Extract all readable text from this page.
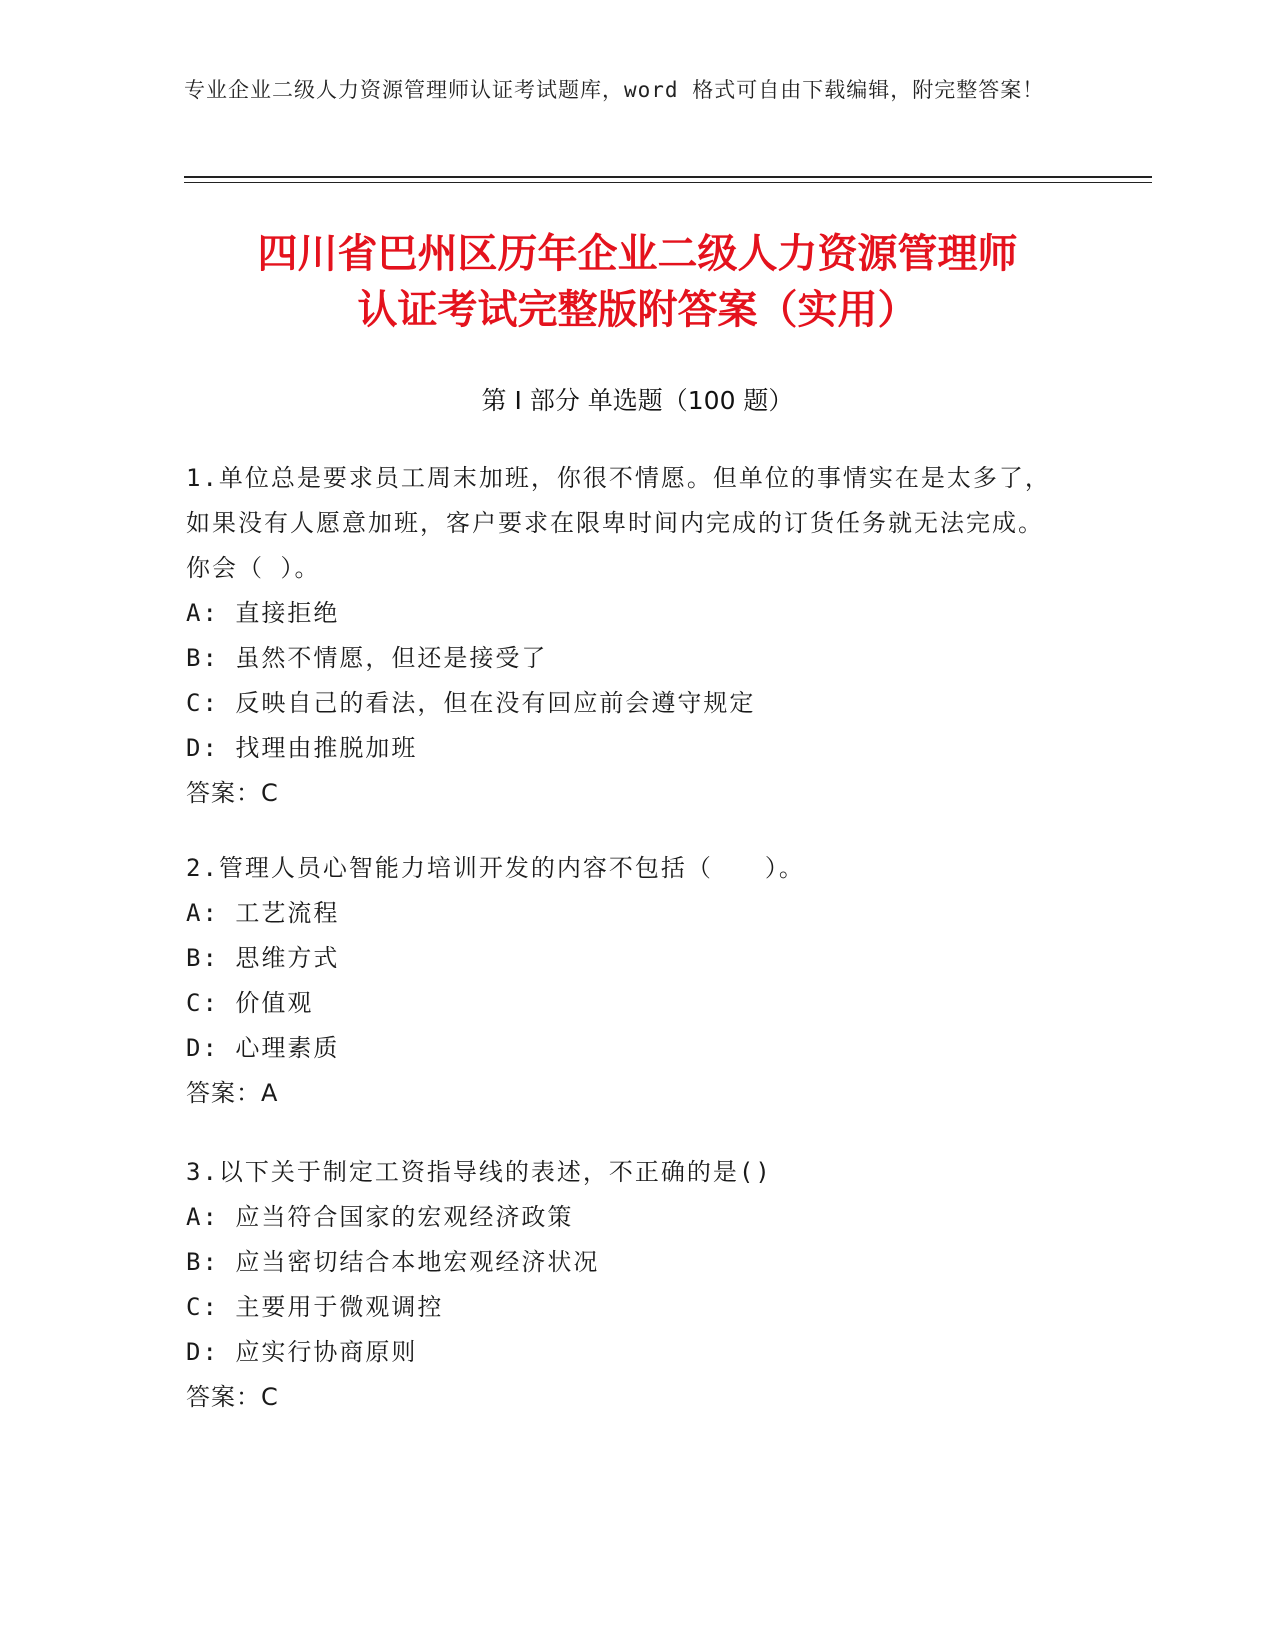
专业企业二级人力资源管理师认证考试题库，word 格式可自由下载编辑，附完整答案！
四川省巴州区历年企业二级人力资源管理师
认证考试完整版附答案（实用）
第 I 部分 单选题（100 题）
1.单位总是要求员工周末加班，你很不情愿。但单位的事情实在是太多了，如果没有人愿意加班，客户要求在限卑时间内完成的订货任务就无法完成。你会（ ）。
A: 直接拒绝
B: 虽然不情愿，但还是接受了
C: 反映自己的看法，但在没有回应前会遵守规定
D: 找理由推脱加班
答案：C
2.管理人员心智能力培训开发的内容不包括（　　）。
A: 工艺流程
B: 思维方式
C: 价值观
D: 心理素质
答案：A
3.以下关于制定工资指导线的表述，不正确的是()
A: 应当符合国家的宏观经济政策
B: 应当密切结合本地宏观经济状况
C: 主要用于微观调控
D: 应实行协商原则
答案：C
